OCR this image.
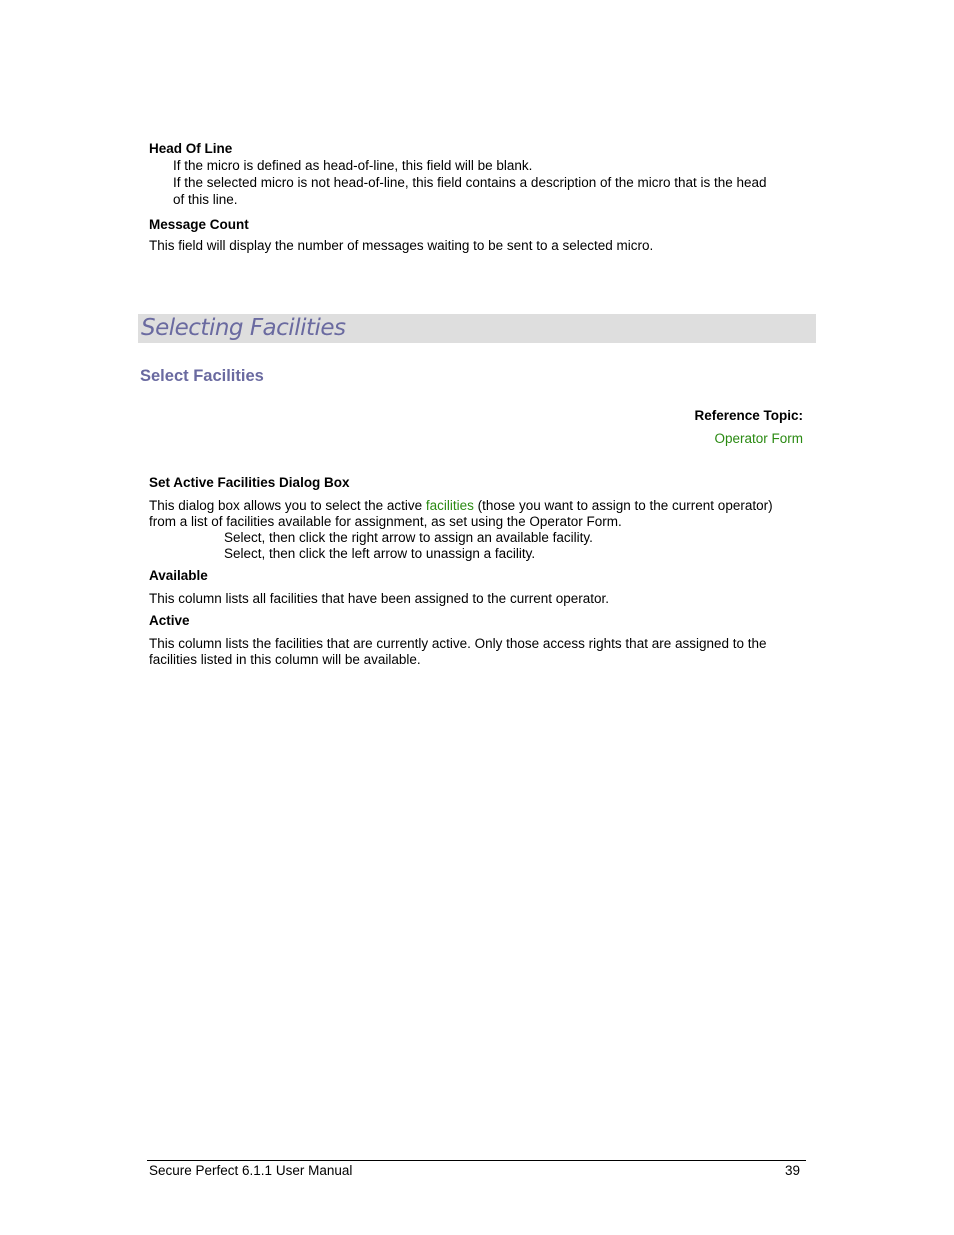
Head Of Line
If the micro is defined as head-of-line, this field will be blank.
If the selected micro is not head-of-line, this field contains a description of the micro that is the head
of this line.
Message Count
This field will display the number of messages waiting to be sent to a selected micro.
Selecting Facilities
Select Facilities
Reference Topic:
Operator Form
Set Active Facilities Dialog Box
This dialog box allows you to select the active facilities (those you want to assign to the current operator)
from a list of facilities available for assignment, as set using the Operator Form.
Select, then click the right arrow to assign an available facility.
Select, then click the left arrow to unassign a facility.
Available
This column lists all facilities that have been assigned to the current operator.
Active
This column lists the facilities that are currently active. Only those access rights that are assigned to the
facilities listed in this column will be available.
Secure Perfect 6.1.1 User Manual	39
